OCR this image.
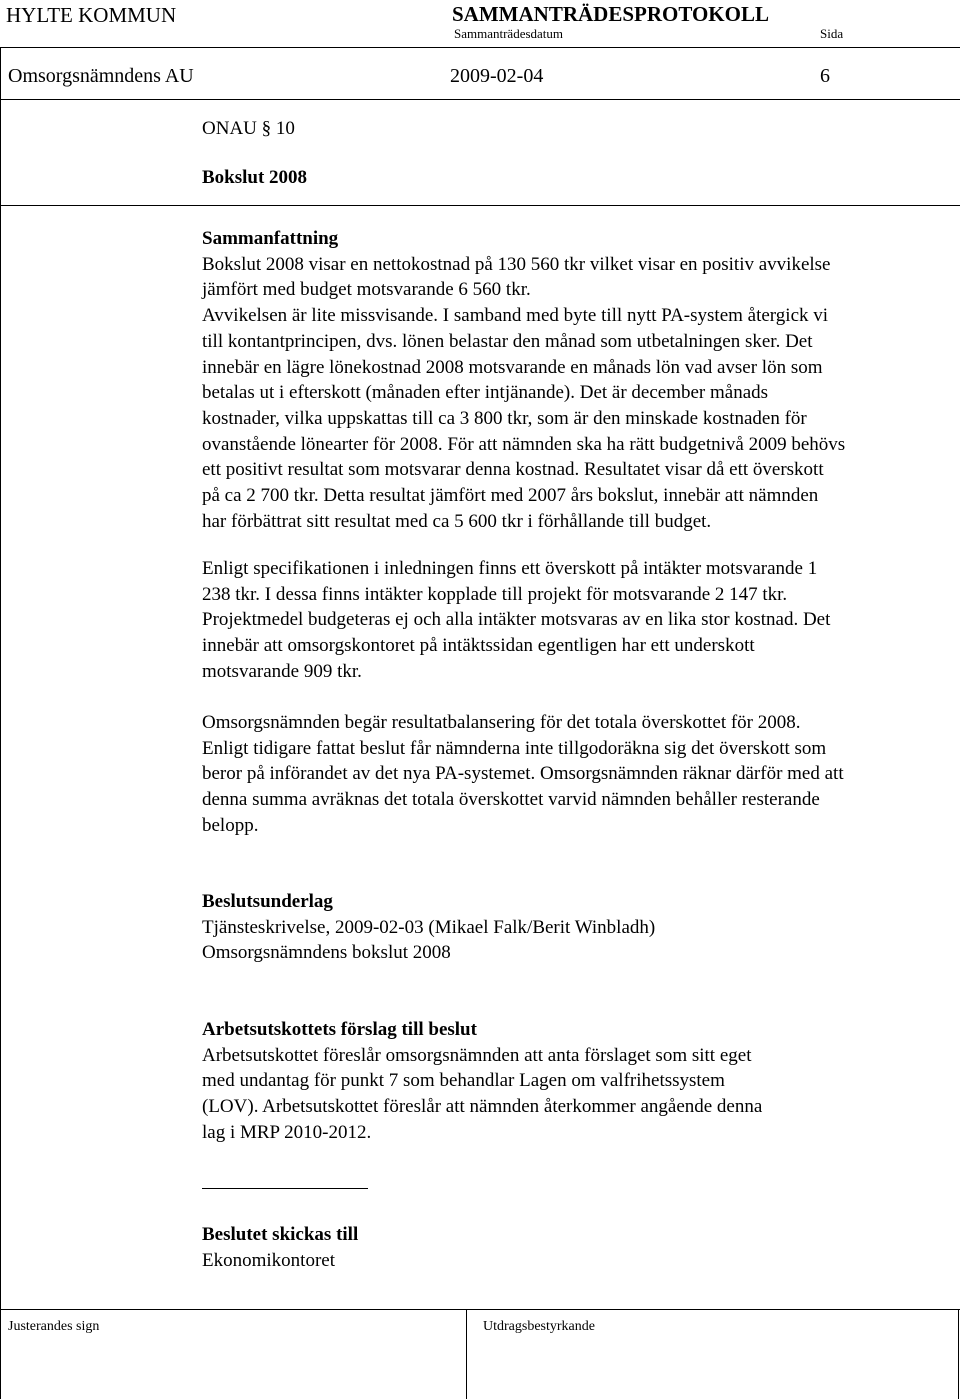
HYLTE KOMMUN	SAMMANTRÄDESPROTOKOLL
Sammanträdesdatum	Sida
Omsorgsnämndens AU	2009-02-04	6
ONAU § 10
Bokslut 2008

Sammanfattning

Bokslut 2008 visar en nettokostnad på 130 560 tkr vilket visar en positiv avvikelse
jämfört med budget motsvarande 6 560 tkr.
Avvikelsen är lite missvisande. I samband med byte till nytt PA-system återgick vi
till kontantprincipen, dvs. lönen belastar den månad som utbetalningen sker. Det
innebär en lägre lönekostnad 2008 motsvarande en månads lön vad avser lön som
betalas ut i efterskott (månaden efter intjänande). Det är december månads
kostnader, vilka uppskattas till ca 3 800 tkr, som är den minskade kostnaden för
ovanstående lönearter för 2008. För att nämnden ska ha rätt budgetnivå 2009 behövs
ett positivt resultat som motsvarar denna kostnad. Resultatet visar då ett överskott
på ca 2 700 tkr. Detta resultat jämfört med 2007 års bokslut, innebär att nämnden
har förbättrat sitt resultat med ca 5 600 tkr i förhållande till budget.

Enligt specifikationen i inledningen finns ett överskott på intäkter motsvarande 1
238 tkr. I dessa finns intäkter kopplade till projekt för motsvarande 2 147 tkr.
Projektmedel budgeteras ej och alla intäkter motsvaras av en lika stor kostnad. Det
innebär att omsorgskontoret på intäktssidan egentligen har ett underskott
motsvarande 909 tkr.
Omsorgsnämnden begär resultatbalansering för det totala överskottet för 2008.
Enligt tidigare fattat beslut får nämnderna inte tillgodoräkna sig det överskott som
beror på införandet av det nya PA-systemet. Omsorgsnämnden räknar därför med att
denna summa avräknas det totala överskottet varvid nämnden behåller resterande
belopp.
Beslutsunderlag
Tjänsteskrivelse, 2009-02-03 (Mikael Falk/Berit Winbladh)
Omsorgsnämndens bokslut 2008
Arbetsutskottets förslag till beslut
Arbetsutskottet föreslår omsorgsnämnden att anta förslaget som sitt eget
med undantag för punkt 7 som behandlar Lagen om valfrihetssystem
(LOV). Arbetsutskottet föreslår att nämnden återkommer angående denna
lag i MRP 2010-2012.
Beslutet skickas till
Ekonomikontoret
Justerandes sign	Utdragsbestyrkande
